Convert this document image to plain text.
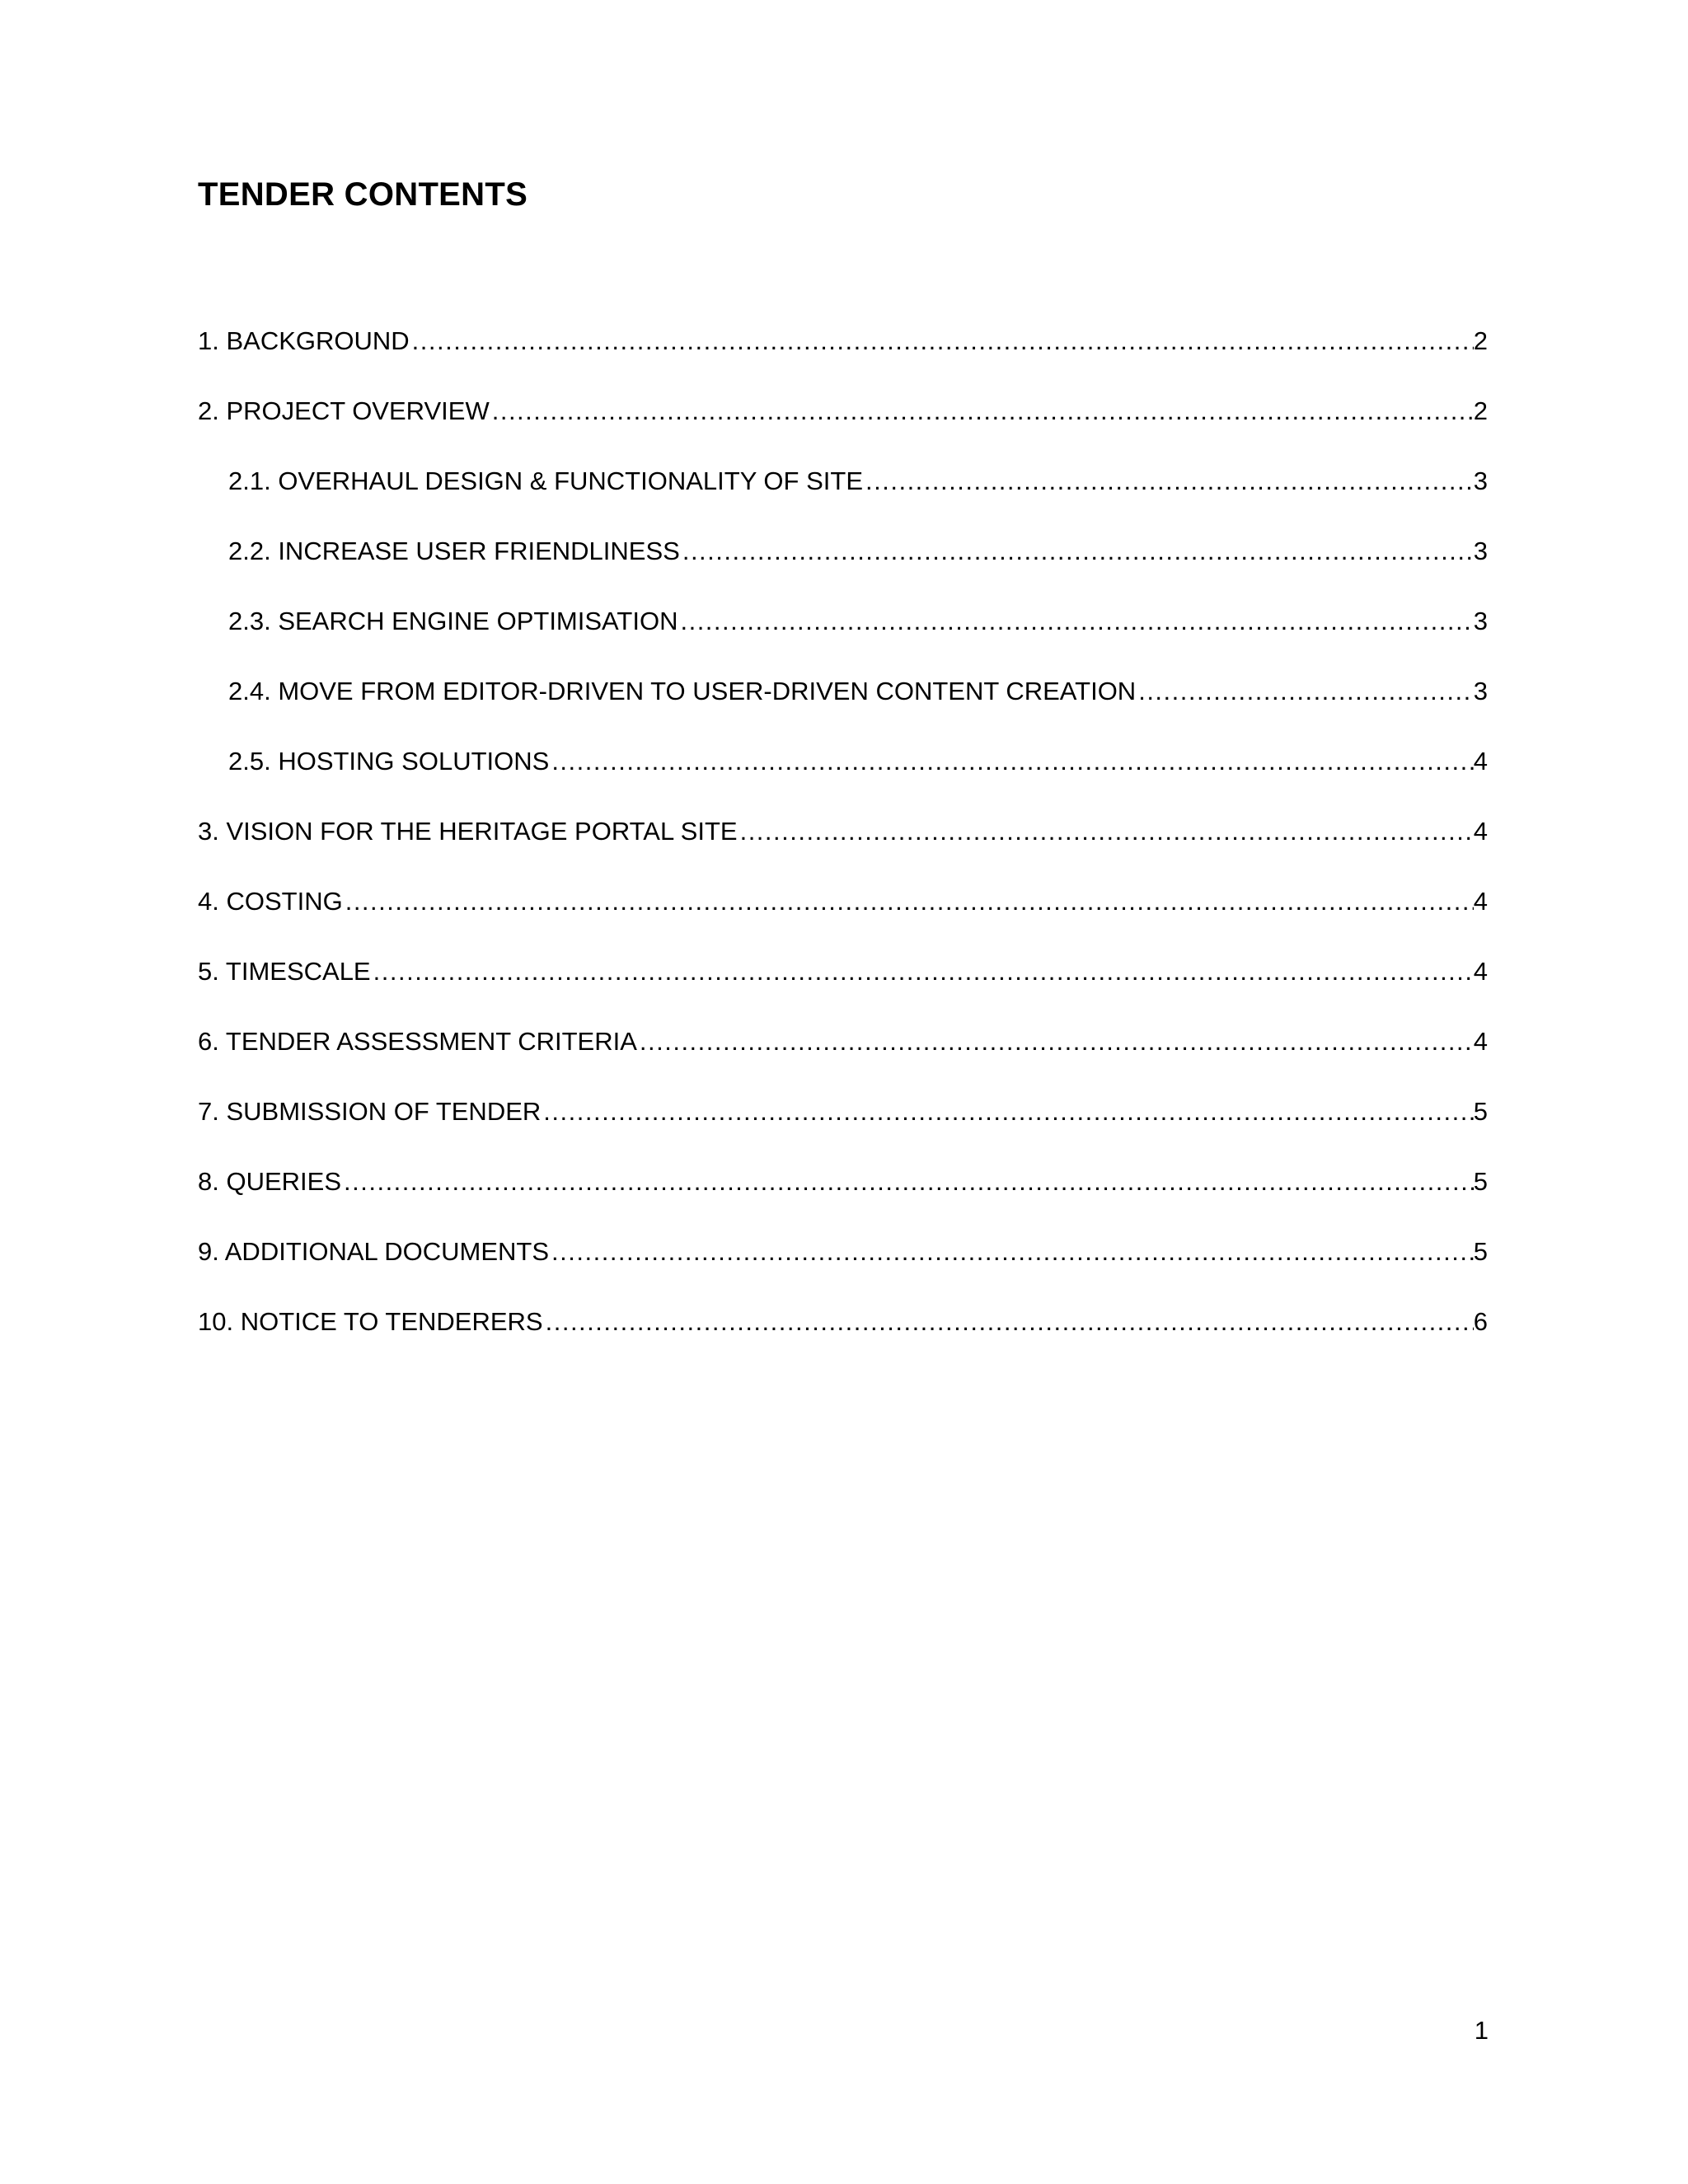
TENDER CONTENTS
1. BACKGROUND .....	2
2. PROJECT OVERVIEW .....	2
2.1. OVERHAUL DESIGN & FUNCTIONALITY OF SITE .....	3
2.2. INCREASE USER FRIENDLINESS .....	3
2.3. SEARCH ENGINE OPTIMISATION .....	3
2.4. MOVE FROM EDITOR-DRIVEN TO USER-DRIVEN CONTENT CREATION .....	3
2.5. HOSTING SOLUTIONS .....	4
3. VISION FOR THE HERITAGE PORTAL SITE .....	4
4. COSTING .....	4
5. TIMESCALE .....	4
6. TENDER ASSESSMENT CRITERIA .....	4
7. SUBMISSION OF TENDER .....	5
8. QUERIES .....	5
9. ADDITIONAL DOCUMENTS .....	5
10. NOTICE TO TENDERERS .....	6
1
